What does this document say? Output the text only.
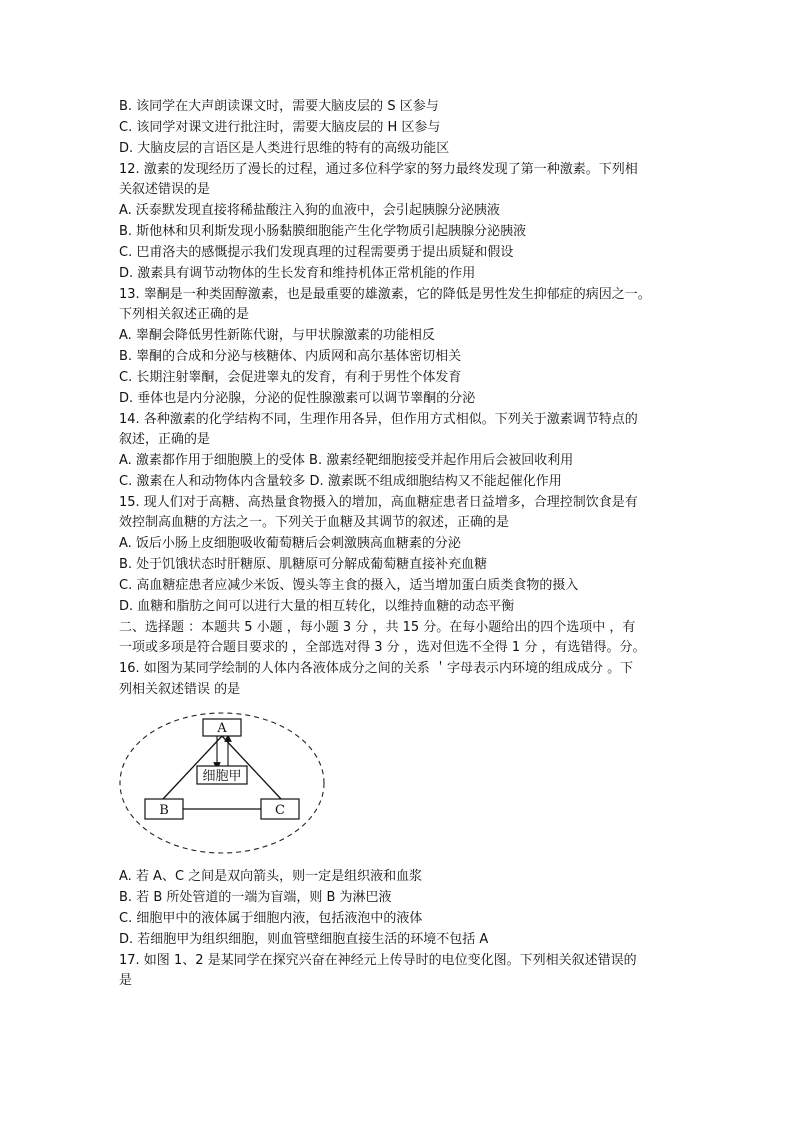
B. 该同学在大声朗读课文时，需要大脑皮层的 S 区参与
C. 该同学对课文进行批注时，需要大脑皮层的 H 区参与
D. 大脑皮层的言语区是人类进行思维的特有的高级功能区
12. 激素的发现经历了漫长的过程，通过多位科学家的努力最终发现了第一种激素。下列相
关叙述错误的是
A. 沃泰默发现直接将稀盐酸注入狗的血液中，会引起胰腺分泌胰液
B. 斯他林和贝利斯发现小肠黏膜细胞能产生化学物质引起胰腺分泌胰液
C. 巴甫洛夫的感慨提示我们发现真理的过程需要勇于提出质疑和假设
D. 激素具有调节动物体的生长发育和维持机体正常机能的作用
13. 睾酮是一种类固醇激素，也是最重要的雄激素，它的降低是男性发生抑郁症的病因之一。
下列相关叙述正确的是
A. 睾酮会降低男性新陈代谢，与甲状腺激素的功能相反
B. 睾酮的合成和分泌与核糖体、内质网和高尔基体密切相关
C. 长期注射睾酮，会促进睾丸的发育，有利于男性个体发育
D. 垂体也是内分泌腺，分泌的促性腺激素可以调节睾酮的分泌
14. 各种激素的化学结构不同，生理作用各异，但作用方式相似。下列关于激素调节特点的
叙述，正确的是
A. 激素都作用于细胞膜上的受体 B. 激素经靶细胞接受并起作用后会被回收利用
C. 激素在人和动物体内含量较多 D. 激素既不组成细胞结构又不能起催化作用
15. 现人们对于高糖、高热量食物摄入的增加，高血糖症患者日益增多，合理控制饮食是有
效控制高血糖的方法之一。下列关于血糖及其调节的叙述，正确的是
A. 饭后小肠上皮细胞吸收葡萄糖后会刺激胰高血糖素的分泌
B. 处于饥饿状态时肝糖原、肌糖原可分解成葡萄糖直接补充血糖
C. 高血糖症患者应减少米饭、馒头等主食的摄入，适当增加蛋白质类食物的摄入
D. 血糖和脂肪之间可以进行大量的相互转化，以维持血糖的动态平衡
二、选择题 ：本题共 5 小题 ，每小题 3 分 ，共 15 分。在每小题给出的四个选项中 ，有
一项或多项是符合题目要求的 ，全部选对得 3 分 ，选对但选不全得 1 分 ，有选错得。分。
16. 如图为某同学绘制的人体内各液体成分之间的关系 ＇字母表示内环境的组成成分 。下
列相关叙述错误 的是
A
细胞甲
B	C
A. 若 A、C 之间是双向箭头，则一定是组织液和血浆
B. 若 B 所处管道的一端为盲端，则 B 为淋巴液
C. 细胞甲中的液体属于细胞内液，包括液泡中的液体
D. 若细胞甲为组织细胞，则血管壁细胞直接生活的环境不包括 A
17. 如图 1、2 是某同学在探究兴奋在神经元上传导时的电位变化图。下列相关叙述错误的
是
